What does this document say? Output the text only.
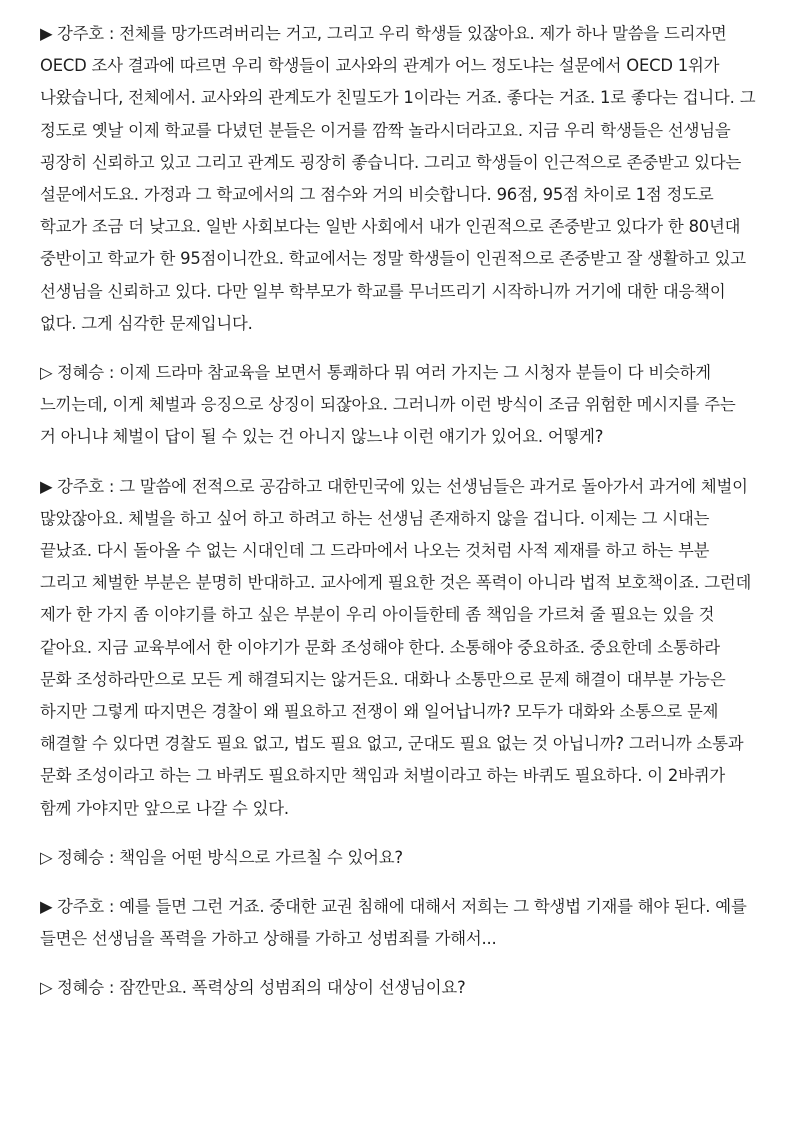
▶ 강주호 : 전체를 망가뜨려버리는 거고, 그리고 우리 학생들 있잖아요. 제가 하나 말씀을 드리자면 OECD 조사 결과에 따르면 우리 학생들이 교사와의 관계가 어느 정도냐는 설문에서 OECD 1위가 나왔습니다, 전체에서. 교사와의 관계도가 친밀도가 1이라는 거죠. 좋다는 거죠. 1로 좋다는 겁니다. 그 정도로 옛날 이제 학교를 다녔던 분들은 이거를 깜짝 놀라시더라고요. 지금 우리 학생들은 선생님을 굉장히 신뢰하고 있고 그리고 관계도 굉장히 좋습니다. 그리고 학생들이 인근적으로 존중받고 있다는 설문에서도요. 가정과 그 학교에서의 그 점수와 거의 비슷합니다. 96점, 95점 차이로 1점 정도로 학교가 조금 더 낮고요. 일반 사회보다는 일반 사회에서 내가 인권적으로 존중받고 있다가 한 80년대 중반이고 학교가 한 95점이니깐요. 학교에서는 정말 학생들이 인권적으로 존중받고 잘 생활하고 있고 선생님을 신뢰하고 있다. 다만 일부 학부모가 학교를 무너뜨리기 시작하니까 거기에 대한 대응책이 없다. 그게 심각한 문제입니다.

▷ 정혜승 : 이제 드라마 참교육을 보면서 통쾌하다 뭐 여러 가지는 그 시청자 분들이 다 비슷하게 느끼는데, 이게 체벌과 응징으로 상징이 되잖아요. 그러니까 이런 방식이 조금 위험한 메시지를 주는 거 아니냐 체벌이 답이 될 수 있는 건 아니지 않느냐 이런 얘기가 있어요. 어떻게?

▶ 강주호 : 그 말씀에 전적으로 공감하고 대한민국에 있는 선생님들은 과거로 돌아가서 과거에 체벌이 많았잖아요. 체벌을 하고 싶어 하고 하려고 하는 선생님 존재하지 않을 겁니다. 이제는 그 시대는 끝났죠. 다시 돌아올 수 없는 시대인데 그 드라마에서 나오는 것처럼 사적 제재를 하고 하는 부분 그리고 체벌한 부분은 분명히 반대하고. 교사에게 필요한 것은 폭력이 아니라 법적 보호책이죠. 그런데 제가 한 가지 좀 이야기를 하고 싶은 부분이 우리 아이들한테 좀 책임을 가르쳐 줄 필요는 있을 것 같아요. 지금 교육부에서 한 이야기가 문화 조성해야 한다. 소통해야 중요하죠. 중요한데 소통하라 문화 조성하라만으로 모든 게 해결되지는 않거든요. 대화나 소통만으로 문제 해결이 대부분 가능은 하지만 그렇게 따지면은 경찰이 왜 필요하고 전쟁이 왜 일어납니까? 모두가 대화와 소통으로 문제 해결할 수 있다면 경찰도 필요 없고, 법도 필요 없고, 군대도 필요 없는 것 아닙니까? 그러니까 소통과 문화 조성이라고 하는 그 바퀴도 필요하지만 책임과 처벌이라고 하는 바퀴도 필요하다. 이 2바퀴가 함께 가야지만 앞으로 나갈 수 있다.

▷ 정혜승 : 책임을 어떤 방식으로 가르칠 수 있어요?

▶ 강주호 : 예를 들면 그런 거죠. 중대한 교권 침해에 대해서 저희는 그 학생법 기재를 해야 된다. 예를 들면은 선생님을 폭력을 가하고 상해를 가하고 성범죄를 가해서...

▷ 정혜승 : 잠깐만요. 폭력상의 성범죄의 대상이 선생님이요?
